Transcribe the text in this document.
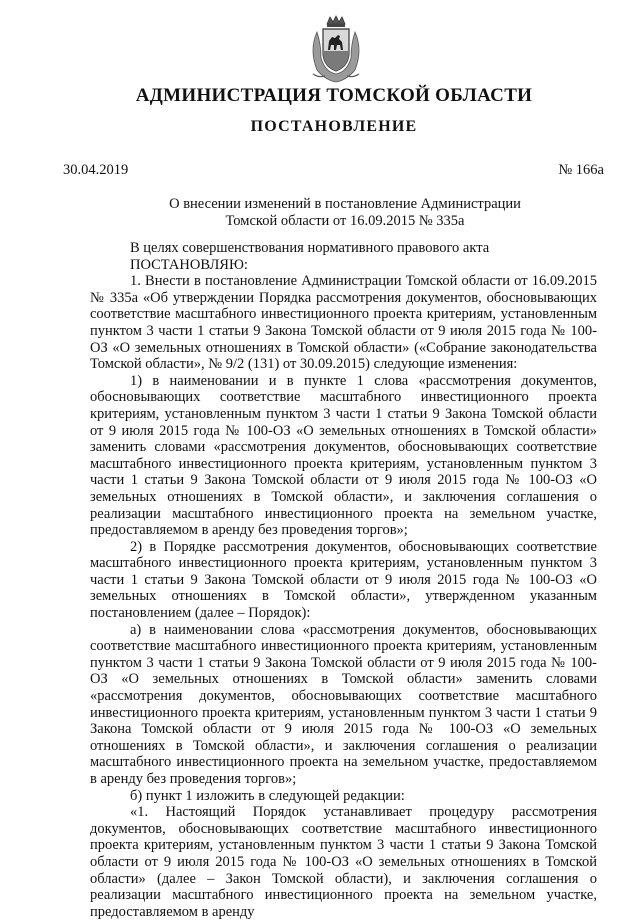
АДМИНИСТРАЦИЯ ТОМСКОЙ ОБЛАСТИ
ПОСТАНОВЛЕНИЕ
30.04.2019	№ 166а
О внесении изменений в постановление Администрации
Томской области от 16.09.2015 № 335а

В целях совершенствования нормативного правового акта

ПОСТАНОВЛЯЮ:

1. Внести в постановление Администрации Томской области от 16.09.2015 № 335а «Об утверждении Порядка рассмотрения документов, обосновывающих соответствие масштабного инвестиционного проекта критериям, установленным пунктом 3 части 1 статьи 9 Закона Томской области от 9 июля 2015 года № 100-ОЗ «О земельных отношениях в Томской области» («Собрание законодательства Томской области», № 9/2 (131) от 30.09.2015) следующие изменения:

1) в наименовании и в пункте 1 слова «рассмотрения документов, обосновывающих соответствие масштабного инвестиционного проекта критериям, установленным пунктом 3 части 1 статьи 9 Закона Томской области от 9 июля 2015 года № 100-ОЗ «О земельных отношениях в Томской области» заменить словами «рассмотрения документов, обосновывающих соответствие масштабного инвестиционного проекта критериям, установленным пунктом 3 части 1 статьи 9 Закона Томской области от 9 июля 2015 года № 100-ОЗ «О земельных отношениях в Томской области», и заключения соглашения о реализации масштабного инвестиционного проекта на земельном участке, предоставляемом в аренду без проведения торгов»;

2) в Порядке рассмотрения документов, обосновывающих соответствие масштабного инвестиционного проекта критериям, установленным пунктом 3 части 1 статьи 9 Закона Томской области от 9 июля 2015 года № 100-ОЗ «О земельных отношениях в Томской области», утвержденном указанным постановлением (далее – Порядок):

а) в наименовании слова «рассмотрения документов, обосновывающих соответствие масштабного инвестиционного проекта критериям, установленным пунктом 3 части 1 статьи 9 Закона Томской области от 9 июля 2015 года № 100-ОЗ «О земельных отношениях в Томской области» заменить словами «рассмотрения документов, обосновывающих соответствие масштабного инвестиционного проекта критериям, установленным пунктом 3 части 1 статьи 9 Закона Томской области от 9 июля 2015 года № 100-ОЗ «О земельных отношениях в Томской области», и заключения соглашения о реализации масштабного инвестиционного проекта на земельном участке, предоставляемом в аренду без проведения торгов»;

б) пункт 1 изложить в следующей редакции:

«1. Настоящий Порядок устанавливает процедуру рассмотрения документов, обосновывающих соответствие масштабного инвестиционного проекта критериям, установленным пунктом 3 части 1 статьи 9 Закона Томской области от 9 июля 2015 года № 100-ОЗ «О земельных отношениях в Томской области» (далее – Закон Томской области), и заключения соглашения о реализации масштабного инвестиционного проекта на земельном участке, предоставляемом в аренду
